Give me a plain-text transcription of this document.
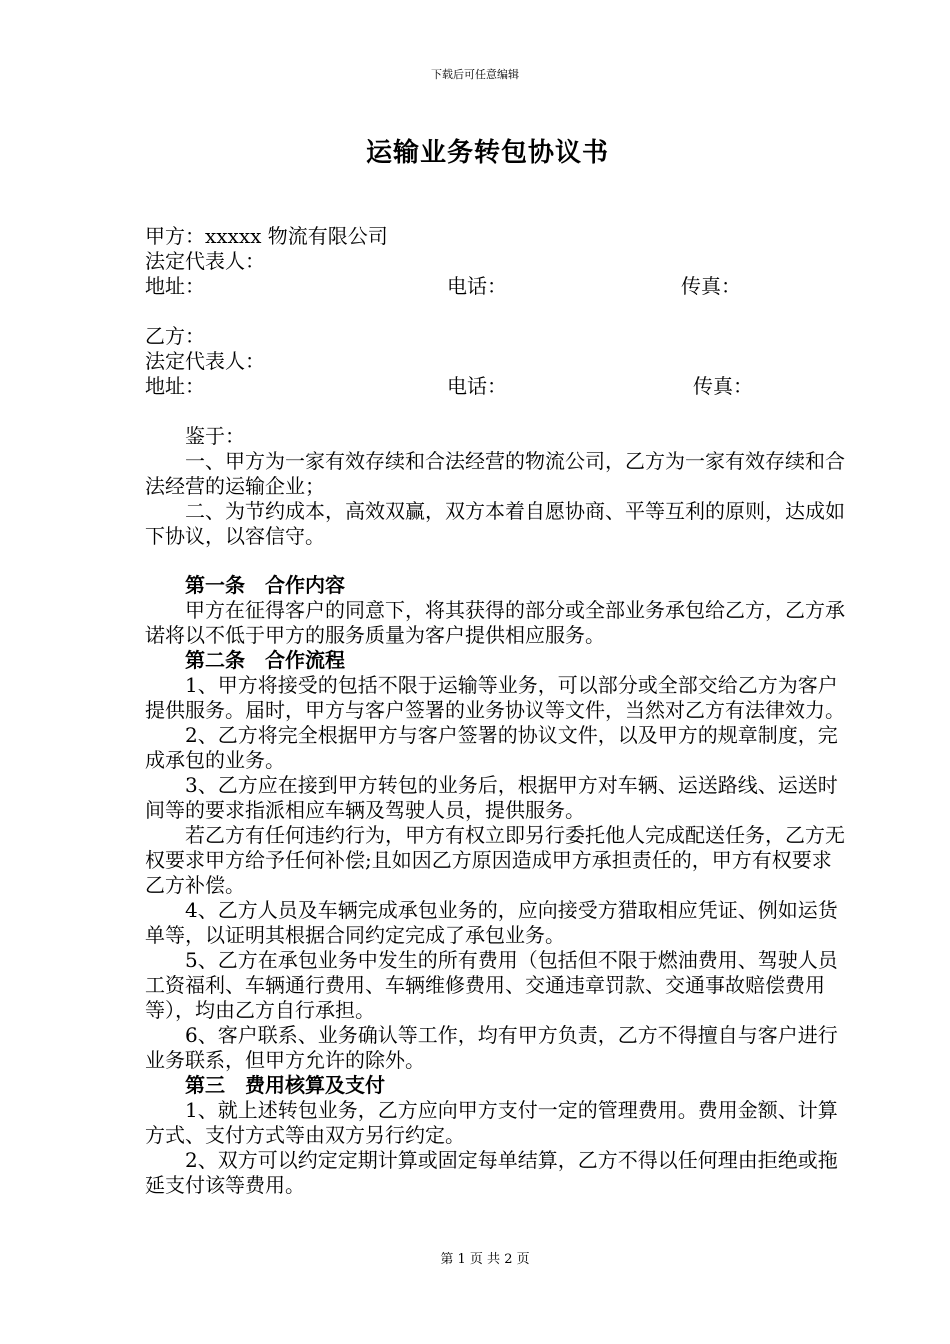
下载后可任意编辑
运输业务转包协议书
甲方：xxxxx 物流有限公司
法定代表人：
地址：	电话：	传真：
乙方：
法定代表人：
地址：	电话：	传真：

鉴于：

一、甲方为一家有效存续和合法经营的物流公司，乙方为一家有效存续和合法经营的运输企业；

二、为节约成本，高效双赢，双方本着自愿协商、平等互利的原则，达成如下协议，以容信守。

第一条　合作内容

甲方在征得客户的同意下，将其获得的部分或全部业务承包给乙方，乙方承诺将以不低于甲方的服务质量为客户提供相应服务。

第二条　合作流程

1、甲方将接受的包括不限于运输等业务，可以部分或全部交给乙方为客户提供服务。届时，甲方与客户签署的业务协议等文件，当然对乙方有法律效力。

2、乙方将完全根据甲方与客户签署的协议文件，以及甲方的规章制度，完成承包的业务。

3、乙方应在接到甲方转包的业务后，根据甲方对车辆、运送路线、运送时间等的要求指派相应车辆及驾驶人员，提供服务。

若乙方有任何违约行为，甲方有权立即另行委托他人完成配送任务，乙方无权要求甲方给予任何补偿;且如因乙方原因造成甲方承担责任的，甲方有权要求乙方补偿。

4、乙方人员及车辆完成承包业务的，应向接受方猎取相应凭证、例如运货单等，以证明其根据合同约定完成了承包业务。

5、乙方在承包业务中发生的所有费用（包括但不限于燃油费用、驾驶人员工资福利、车辆通行费用、车辆维修费用、交通违章罚款、交通事故赔偿费用等），均由乙方自行承担。

6、客户联系、业务确认等工作，均有甲方负责，乙方不得擅自与客户进行业务联系，但甲方允许的除外。

第三　费用核算及支付

1、就上述转包业务，乙方应向甲方支付一定的管理费用。费用金额、计算方式、支付方式等由双方另行约定。

2、双方可以约定定期计算或固定每单结算，乙方不得以任何理由拒绝或拖延支付该等费用。

第 1 页 共 2 页
